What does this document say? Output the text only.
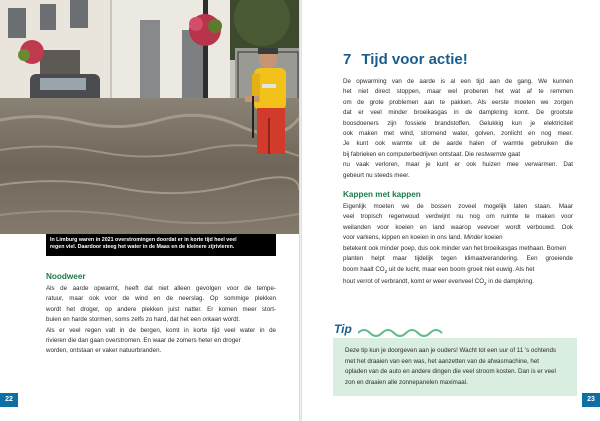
In Limburg waren in 2021 overstromingen doordat er in korte tijd heel veel
regen viel. Daardoor steeg het water in de Maas en de kleinere zijrivieren.
Noodweer
Als de aarde opwarmt, heeft dat niet alleen gevolgen voor de tempe-
ratuur, maar ook voor de wind en de neerslag. Op sommige plekken
wordt het droger, op andere plekken juist natter. Er komen meer stort-
buien en harde stormen, soms zelfs zo hard, dat het een orkaan wordt.
Als er veel regen valt in de bergen, komt in korte tijd veel water in de
rivieren die dan gaan overstromen. En waar de zomers heter en droger
worden, ontstaan er vaker natuurbranden.
22
7 Tijd voor actie!
De opwarming van de aarde is al een tijd aan de gang. We kunnen
het niet direct stoppen, maar wel proberen het wat af te remmen
om de grote problemen aan te pakken. Als eerste moeten we zorgen
dat er veel minder broeikasgas in de dampkring komt. De grootste
boosdoeners zijn fossiele brandstoffen. Gelukkig kun je elektriciteit
ook maken met wind, stromend water, golven, zonlicht en nog meer.
Je kunt ook warmte uit de aarde halen of warmte gebruiken die
bij fabrieken en computerbedrijven ontstaat. Die restwarmte gaat
nu vaak verloren, maar je kunt er ook huizen mee verwarmen. Dat
gebeurt nu steeds meer.
Kappen met kappen
Eigenlijk moeten we de bossen zoveel mogelijk laten staan. Maar
veel tropisch regenwoud verdwijnt nu nog om ruimte te maken voor
weilanden voor koeien en land waarop veevoer wordt verbouwd. Ook
voor varkens, kippen en koeien in ons land. Minder koeien
betekent ook minder poep, dus ook minder van het broeikasgas methaan. Bomen
planten helpt maar tijdelijk tegen klimaatverandering. Een groeiende
boom haalt $CO_2$ uit de lucht, maar een boom groeit niet euwig. Als het
hout verrot of verbrandt, komt er weer evenveel $CO_2$ in de dampkring.
Deze tip kun je doorgeven aan je ouders! Wacht tot een uur of 11 's ochtends
met het draaien van een was, het aanzetten van de afwasmachine, het
opladen van de auto en andere dingen die veel stroom kosten. Dan is er veel
zon en draaien alle zonnepanelen maximaal.
Tip
23
